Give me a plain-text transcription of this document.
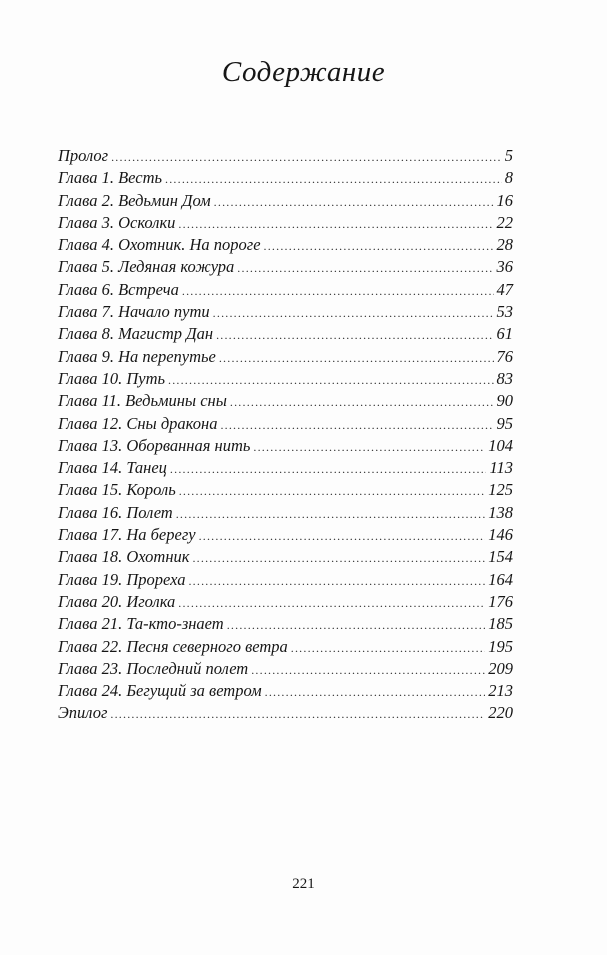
Содержание
Пролог .....	5
Глава 1. Весть .....	8
Глава 2. Ведьмин Дом .....	16
Глава 3. Осколки .....	22
Глава 4. Охотник. На пороге .....	28
Глава 5. Ледяная кожура .....	36
Глава 6. Встреча .....	47
Глава 7. Начало пути .....	53
Глава 8. Магистр Дан .....	61
Глава 9. На перепутье .....	76
Глава 10. Путь .....	83
Глава 11. Ведьмины сны .....	90
Глава 12. Сны дракона .....	95
Глава 13. Оборванная нить .....	104
Глава 14. Танец .....	113
Глава 15. Король .....	125
Глава 16. Полет .....	138
Глава 17. На берегу .....	146
Глава 18. Охотник .....	154
Глава 19. Прореха .....	164
Глава 20. Иголка .....	176
Глава 21. Та-кто-знает .....	185
Глава 22. Песня северного ветра .....	195
Глава 23. Последний полет .....	209
Глава 24. Бегущий за ветром .....	213
Эпилог .....	220
221
